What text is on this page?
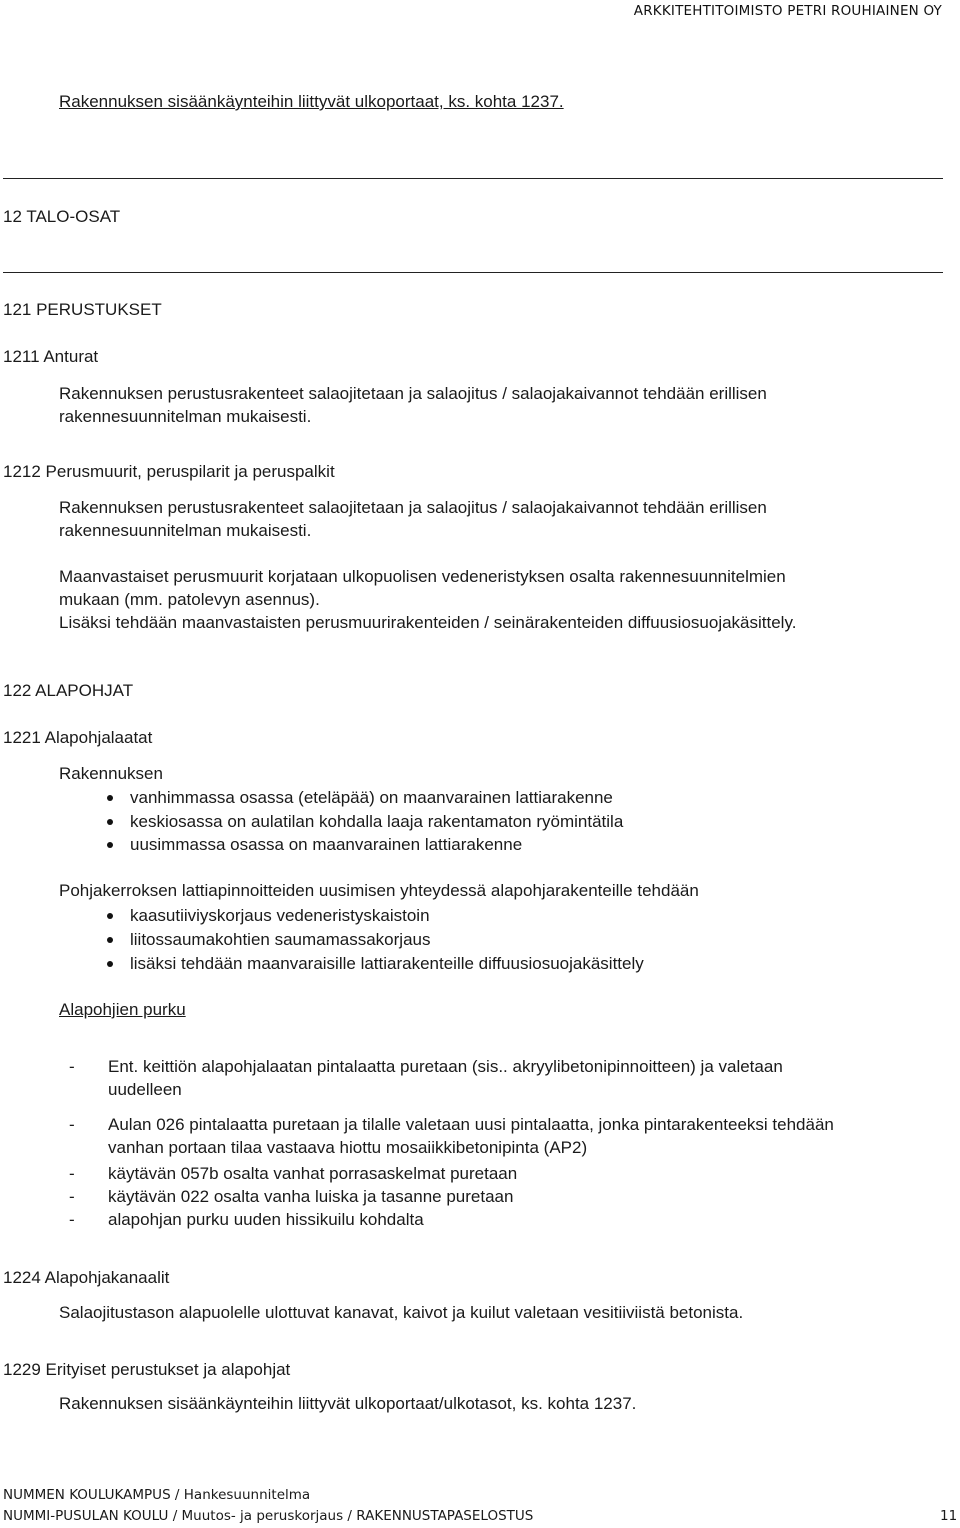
ARKKITEHTITOIMISTO PETRI ROUHIAINEN OY
Rakennuksen sisäänkäynteihin liittyvät ulkoportaat, ks. kohta 1237.
12 TALO-OSAT
121 PERUSTUKSET
1211 Anturat
Rakennuksen perustusrakenteet salaojitetaan ja salaojitus / salaojakaivannot tehdään erillisen
rakennesuunnitelman mukaisesti.
1212 Perusmuurit, peruspilarit ja peruspalkit
Rakennuksen perustusrakenteet salaojitetaan ja salaojitus / salaojakaivannot tehdään erillisen
rakennesuunnitelman mukaisesti.
Maanvastaiset perusmuurit korjataan ulkopuolisen vedeneristyksen osalta rakennesuunnitelmien
mukaan (mm. patolevyn asennus).
Lisäksi tehdään maanvastaisten perusmuurirakenteiden / seinärakenteiden diffuusiosuojakäsittely.
122 ALAPOHJAT
1221 Alapohjalaatat
Rakennuksen
vanhimmassa osassa (eteläpää) on maanvarainen lattiarakenne
keskiosassa on aulatilan kohdalla laaja rakentamaton ryömintätila
uusimmassa osassa on maanvarainen lattiarakenne
Pohjakerroksen lattiapinnoitteiden uusimisen yhteydessä alapohjarakenteille tehdään
kaasutiiviyskorjaus vedeneristyskaistoin
liitossaumakohtien saumamassakorjaus
lisäksi tehdään maanvaraisille lattiarakenteille diffuusiosuojakäsittely
Alapohjien purku
- Ent. keittiön alapohjalaatan pintalaatta puretaan (sis.. akryylibetonipinnoitteen) ja valetaan
uudelleen
- Aulan 026 pintalaatta puretaan ja tilalle valetaan uusi pintalaatta, jonka pintarakenteeksi tehdään
vanhan portaan tilaa vastaava hiottu mosaiikkibetonipinta (AP2)
- käytävän 057b osalta vanhat porrasaskelmat puretaan
- käytävän 022 osalta vanha luiska ja tasanne puretaan
- alapohjan purku uuden hissikuilu kohdalta
1224 Alapohjakanaalit
Salaojitustason alapuolelle ulottuvat kanavat, kaivot ja kuilut valetaan vesitiiviistä betonista.
1229 Erityiset perustukset ja alapohjat
Rakennuksen sisäänkäynteihin liittyvät ulkoportaat/ulkotasot, ks. kohta 1237.
NUMMEN KOULUKAMPUS / Hankesuunnitelma
NUMMI-PUSULAN KOULU / Muutos- ja peruskorjaus / RAKENNUSTAPASELOSTUS	11
